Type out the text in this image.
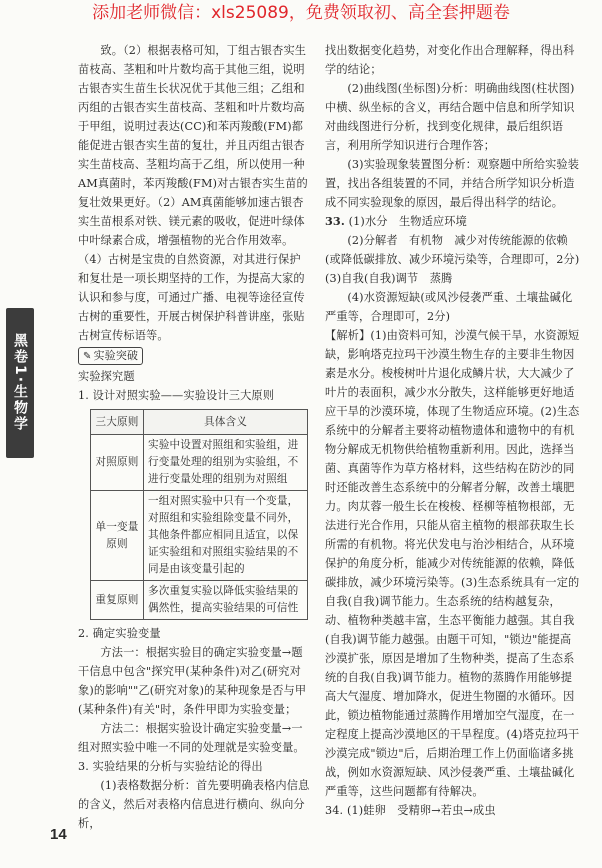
添加老师微信：xls25089，免费领取初、高全套押题卷
黑卷1·生物学

致。（2）根据表格可知，丁组古银杏实生苗枝高、茎粗和叶片数均高于其他三组，说明古银杏实生苗生长状况优于其他三组；乙组和丙组的古银杏实生苗枝高、茎粗和叶片数均高于甲组，说明过表达(CC)和苯丙羧酸(FM)都能促进古银杏实生苗的复壮，并且丙组古银杏实生苗枝高、茎粗均高于乙组，所以使用一种AM真菌时，苯丙羧酸(FM)对古银杏实生苗的复壮效果更好。（2）AM真菌能够加速古银杏实生苗根系对铁、镁元素的吸收，促进叶绿体中叶绿素合成，增强植物的光合作用效率。（4）古树是宝贵的自然资源，对其进行保护和复壮是一项长期坚持的工作，为提高大家的认识和参与度，可通过广播、电视等途径宣传古树的重要性，开展古树保护科普讲座，张贴古树宣传标语等。

✎ 实验突破

实验探究题

1. 设计对照实验——实验设计三大原则

三大原则	具体含义
对照原则	实验中设置对照组和实验组，进行变量处理的组别为实验组，不进行变量处理的组别为对照组
单一变量原则	一组对照实验中只有一个变量，对照组和实验组除变量不同外，其他条件都应相同且适宜，以保证实验组和对照组实验结果的不同是由该变量引起的
重复原则	多次重复实验以降低实验结果的偶然性，提高实验结果的可信性

2. 确定实验变量

方法一：根据实验目的确定实验变量→题干信息中包含"探究甲(某种条件)对乙(研究对象)的影响""乙(研究对象)的某种现象是否与甲(某种条件)有关"时，条件甲即为实验变量；

方法二：根据实验设计确定实验变量→一组对照实验中唯一不同的处理就是实验变量。

3. 实验结果的分析与实验结论的得出

(1)表格数据分析：首先要明确表格内信息的含义，然后对表格内信息进行横向、纵向分析，

找出数据变化趋势，对变化作出合理解释，得出科学的结论；

(2)曲线图(坐标图)分析：明确曲线图(柱状图)中横、纵坐标的含义，再结合题中信息和所学知识对曲线图进行分析，找到变化规律，最后组织语言，利用所学知识进行合理作答；

(3)实验现象装置图分析：观察题中所给实验装置，找出各组装置的不同，并结合所学知识分析造成不同实验现象的原因，最后得出科学的结论。

33. (1)水分　生物适应环境

(2)分解者　有机物　减少对传统能源的依赖(或降低碳排放、减少环境污染等，合理即可，2分)　(3)自我(自我)调节　蒸腾

(4)水资源短缺(或风沙侵袭严重、土壤盐碱化严重等，合理即可，2分)

【解析】(1)由资料可知，沙漠气候干旱，水资源短缺，影响塔克拉玛干沙漠生物生存的主要非生物因素是水分。梭梭树叶片退化成鳞片状，大大减少了叶片的表面积，减少水分散失，这样能够更好地适应干旱的沙漠环境，体现了生物适应环境。(2)生态系统中的分解者主要将动植物遗体和遗物中的有机物分解成无机物供给植物重新利用。因此，选择当菌、真菌等作为草方格材料，这些结构在防沙的同时还能改善生态系统中的分解者分解，改善土壤肥力。肉苁蓉一般生长在梭梭、柽柳等植物根部，无法进行光合作用，只能从宿主植物的根部获取生长所需的有机物。将光伏发电与治沙相结合，从环境保护的角度分析，能减少对传统能源的依赖，降低碳排放，减少环境污染等。(3)生态系统具有一定的自我(自我)调节能力。生态系统的结构越复杂，动、植物种类越丰富，生态平衡能力越强。其自我(自我)调节能力越强。由题干可知，"锁边"能提高沙漠扩张，原因是增加了生物种类，提高了生态系统的自我(自我)调节能力。植物的蒸腾作用能够提高大气湿度、增加降水，促进生物圈的水循环。因此，锁边植物能通过蒸腾作用增加空气湿度，在一定程度上提高沙漠地区的干旱程度。(4)塔克拉玛干沙漠完成"锁边"后，后期治理工作上仍面临诸多挑战，例如水资源短缺、风沙侵袭严重、土壤盐碱化严重等，这些问题都有待解决。

34. (1)蛙卵　受精卵→若虫→成虫

14
